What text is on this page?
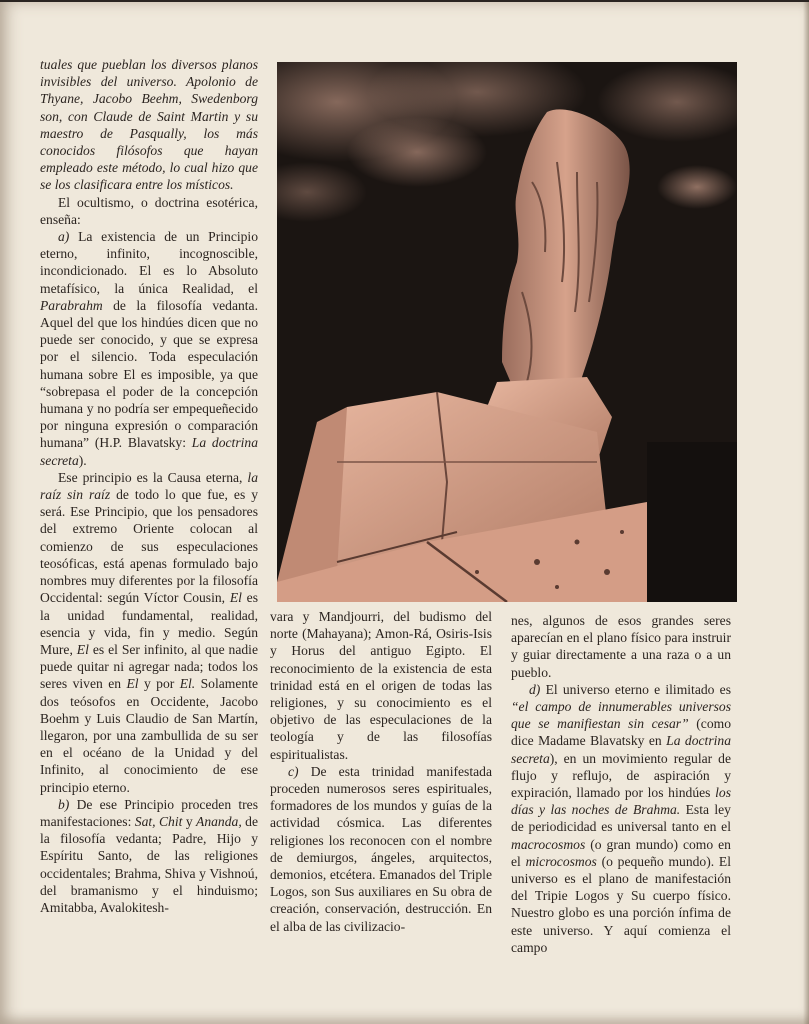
tuales que pueblan los diversos planos invisibles del universo. Apolonio de Thyane, Jacobo Beehm, Swedenborg son, con Claude de Saint Martin y su maestro de Pasqually, los más conocidos filósofos que hayan empleado este método, lo cual hizo que se los clasificara entre los místicos.

El ocultismo, o doctrina esotérica, enseña:

a) La existencia de un Principio eterno, infinito, incognoscible, incondicionado. El es lo Absoluto metafísico, la única Realidad, el Parabrahm de la filosofía vedanta. Aquel del que los hindúes dicen que no puede ser conocido, y que se expresa por el silencio. Toda especulación humana sobre El es imposible, ya que “sobrepasa el poder de la concepción humana y no podría ser empequeñecido por ninguna expresión o comparación humana” (H.P. Blavatsky: La doctrina secreta).

Ese principio es la Causa eterna, la raíz sin raíz de todo lo que fue, es y será. Ese Principio, que los pensadores del extremo Oriente colocan al comienzo de sus especulaciones teosóficas, está apenas formulado bajo nombres muy diferentes por la filosofía Occidental: según Víctor Cousin, El es la unidad fundamental, realidad, esencia y vida, fin y medio. Según Mure, El es el Ser infinito, al que nadie puede quitar ni agregar nada; todos los seres viven en El y por El. Solamente dos teósofos en Occidente, Jacobo Boehm y Luis Claudio de San Martín, llegaron, por una zambullida de su ser en el océano de la Unidad y del Infinito, al conocimiento de ese principio eterno.

b) De ese Principio proceden tres manifestaciones: Sat, Chit y Ananda, de la filosofía vedanta; Padre, Hijo y Espíritu Santo, de las religiones occidentales; Brahma, Shiva y Vishnoú, del bramanismo y el hinduismo; Amitabba, Avalokitesh-

vara y Mandjourri, del budismo del norte (Mahayana); Amon-Rá, Osiris-Isis y Horus del antiguo Egipto. El reconocimiento de la existencia de esta trinidad está en el origen de todas las religiones, y su conocimiento es el objetivo de las especulaciones de la teología y de las filosofías espiritualistas.

c) De esta trinidad manifestada proceden numerosos seres espirituales, formadores de los mundos y guías de la actividad cósmica. Las diferentes religiones los reconocen con el nombre de demiurgos, ángeles, arquitectos, demonios, etcétera. Emanados del Triple Logos, son Sus auxiliares en Su obra de creación, conservación, destrucción. En el alba de las civilizacio-

nes, algunos de esos grandes seres aparecían en el plano físico para instruir y guiar directamente a una raza o a un pueblo.

d) El universo eterno e ilimitado es “el campo de innumerables universos que se manifiestan sin cesar” (como dice Madame Blavatsky en La doctrina secreta), en un movimiento regular de flujo y reflujo, de aspiración y expiración, llamado por los hindúes los días y las noches de Brahma. Esta ley de periodicidad es universal tanto en el macrocosmos (o gran mundo) como en el microcosmos (o pequeño mundo). El universo es el plano de manifestación del Tripie Logos y Su cuerpo físico. Nuestro globo es una porción ínfima de este universo. Y aquí comienza el campo
